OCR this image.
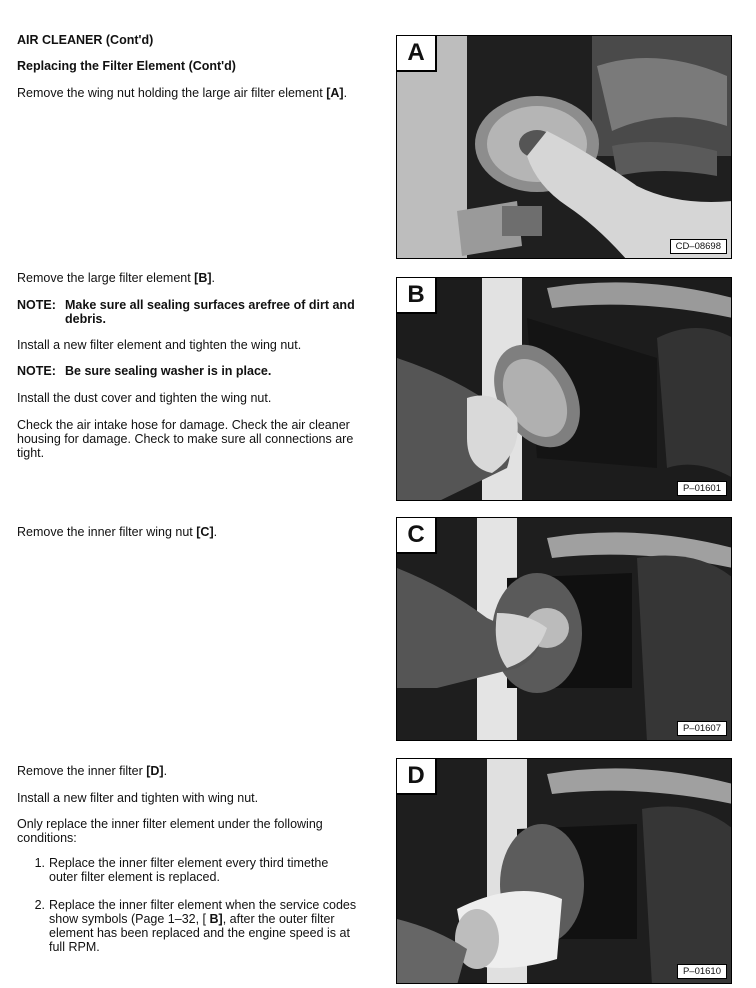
AIR CLEANER (Cont'd)
Replacing the Filter Element (Cont'd)
Remove the wing nut holding the large air filter element [A].
Remove the large filter element [B].
NOTE: Make sure all sealing surfaces arefree of dirt and debris.
Install a new filter element and tighten the wing nut.
NOTE: Be sure sealing washer is in place.
Install the dust cover and tighten the wing nut.
Check the air intake hose for damage. Check the air cleaner housing for damage. Check to make sure all connections are tight.
Remove the inner filter wing nut [C].
Remove the inner filter [D].
Install a new filter and tighten with wing nut.
Only replace the inner filter element under the following conditions:
1. Replace the inner filter element every third timethe outer filter element is replaced.
2. Replace the inner filter element when the service codes show symbols (Page 1–32, [ B], after the outer filter element has been replaced and the engine speed is at full RPM.
A
CD–08698
B
P–01601
C
P–01607
D
P–01610
